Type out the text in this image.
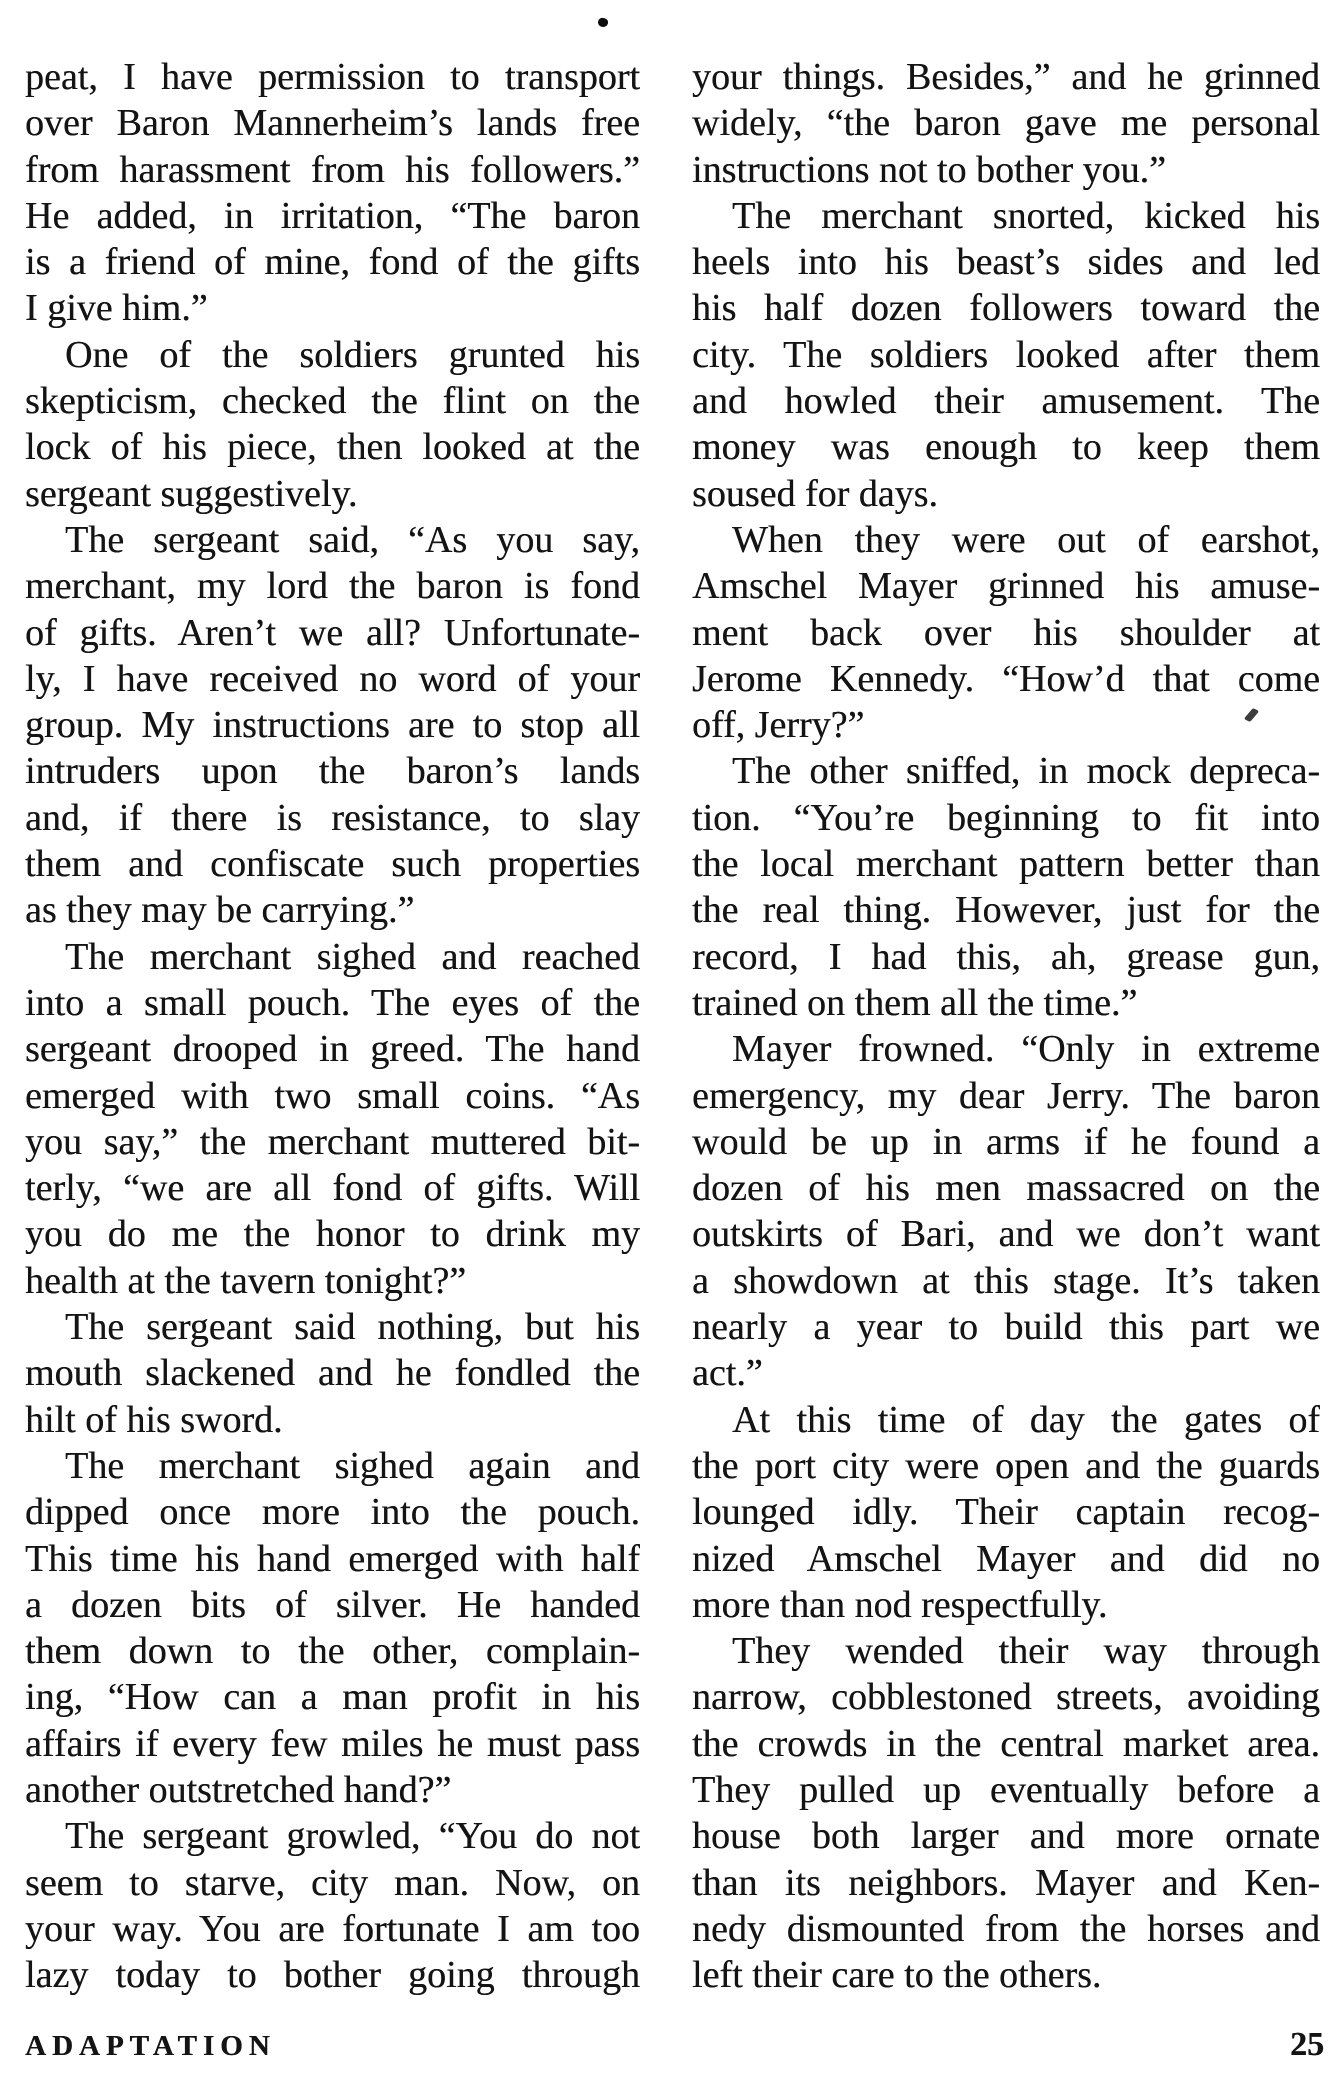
peat, I have permission to transport
over Baron Mannerheim’s lands free
from harassment from his followers.”
He added, in irritation, “The baron
is a friend of mine, fond of the gifts
I give him.”
One of the soldiers grunted his
skepticism, checked the flint on the
lock of his piece, then looked at the
sergeant suggestively.
The sergeant said, “As you say,
merchant, my lord the baron is fond
of gifts. Aren’t we all? Unfortunate-
ly, I have received no word of your
group. My instructions are to stop all
intruders upon the baron’s lands
and, if there is resistance, to slay
them and confiscate such properties
as they may be carrying.”
The merchant sighed and reached
into a small pouch. The eyes of the
sergeant drooped in greed. The hand
emerged with two small coins. “As
you say,” the merchant muttered bit-
terly, “we are all fond of gifts. Will
you do me the honor to drink my
health at the tavern tonight?”
The sergeant said nothing, but his
mouth slackened and he fondled the
hilt of his sword.
The merchant sighed again and
dipped once more into the pouch.
This time his hand emerged with half
a dozen bits of silver. He handed
them down to the other, complain-
ing, “How can a man profit in his
affairs if every few miles he must pass
another outstretched hand?”
The sergeant growled, “You do not
seem to starve, city man. Now, on
your way. You are fortunate I am too
lazy today to bother going through
your things. Besides,” and he grinned
widely, “the baron gave me personal
instructions not to bother you.”
The merchant snorted, kicked his
heels into his beast’s sides and led
his half dozen followers toward the
city. The soldiers looked after them
and howled their amusement. The
money was enough to keep them
soused for days.
When they were out of earshot,
Amschel Mayer grinned his amuse-
ment back over his shoulder at
Jerome Kennedy. “How’d that come
off, Jerry?”
The other sniffed, in mock depreca-
tion. “You’re beginning to fit into
the local merchant pattern better than
the real thing. However, just for the
record, I had this, ah, grease gun,
trained on them all the time.”
Mayer frowned. “Only in extreme
emergency, my dear Jerry. The baron
would be up in arms if he found a
dozen of his men massacred on the
outskirts of Bari, and we don’t want
a showdown at this stage. It’s taken
nearly a year to build this part we
act.”
At this time of day the gates of
the port city were open and the guards
lounged idly. Their captain recog-
nized Amschel Mayer and did no
more than nod respectfully.
They wended their way through
narrow, cobblestoned streets, avoiding
the crowds in the central market area.
They pulled up eventually before a
house both larger and more ornate
than its neighbors. Mayer and Ken-
nedy dismounted from the horses and
left their care to the others.
ADAPTATION	25
